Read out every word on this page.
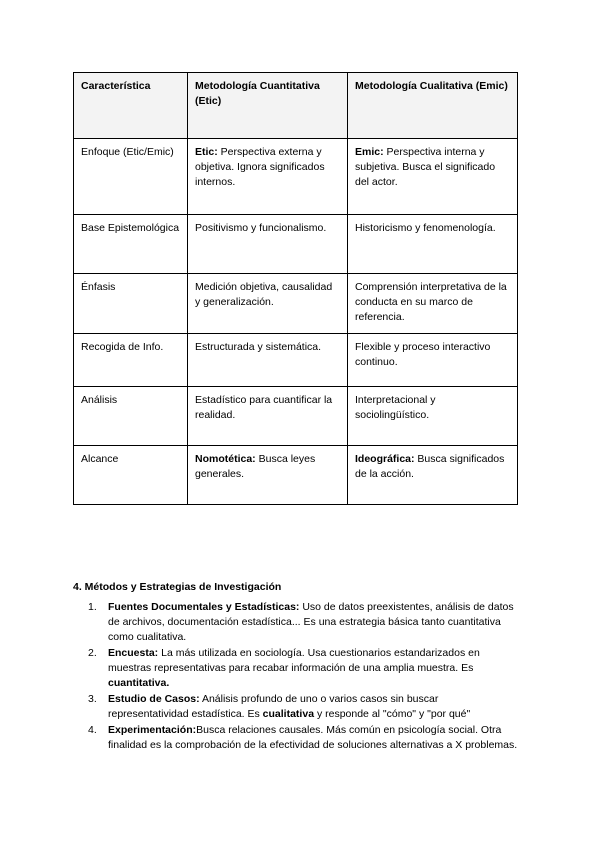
Característica	Metodología Cuantitativa (Etic)	Metodología Cualitativa (Emic)
Enfoque (Etic/Emic)	Etic: Perspectiva externa y objetiva. Ignora significados internos.	Emic: Perspectiva interna y subjetiva. Busca el significado del actor.
Base Epistemológica	Positivismo y funcionalismo.	Historicismo y fenomenología.
Énfasis	Medición objetiva, causalidad y generalización.	Comprensión interpretativa de la conducta en su marco de referencia.
Recogida de Info.	Estructurada y sistemática.	Flexible y proceso interactivo continuo.
Análisis	Estadístico para cuantificar la realidad.	Interpretacional y sociolingüístico.
Alcance	Nomotética: Busca leyes generales.	Ideográfica: Busca significados de la acción.
4. Métodos y Estrategias de Investigación
1. Fuentes Documentales y Estadísticas: Uso de datos preexistentes, análisis de datos de archivos, documentación estadística... Es una estrategia básica tanto cuantitativa como cualitativa.
2. Encuesta: La más utilizada en sociología. Usa cuestionarios estandarizados en muestras representativas para recabar información de una amplia muestra. Es cuantitativa.
3. Estudio de Casos: Análisis profundo de uno o varios casos sin buscar representatividad estadística. Es cualitativa y responde al "cómo" y "por qué"
4. Experimentación:Busca relaciones causales. Más común en psicología social. Otra finalidad es la comprobación de la efectividad de soluciones alternativas a X problemas.
